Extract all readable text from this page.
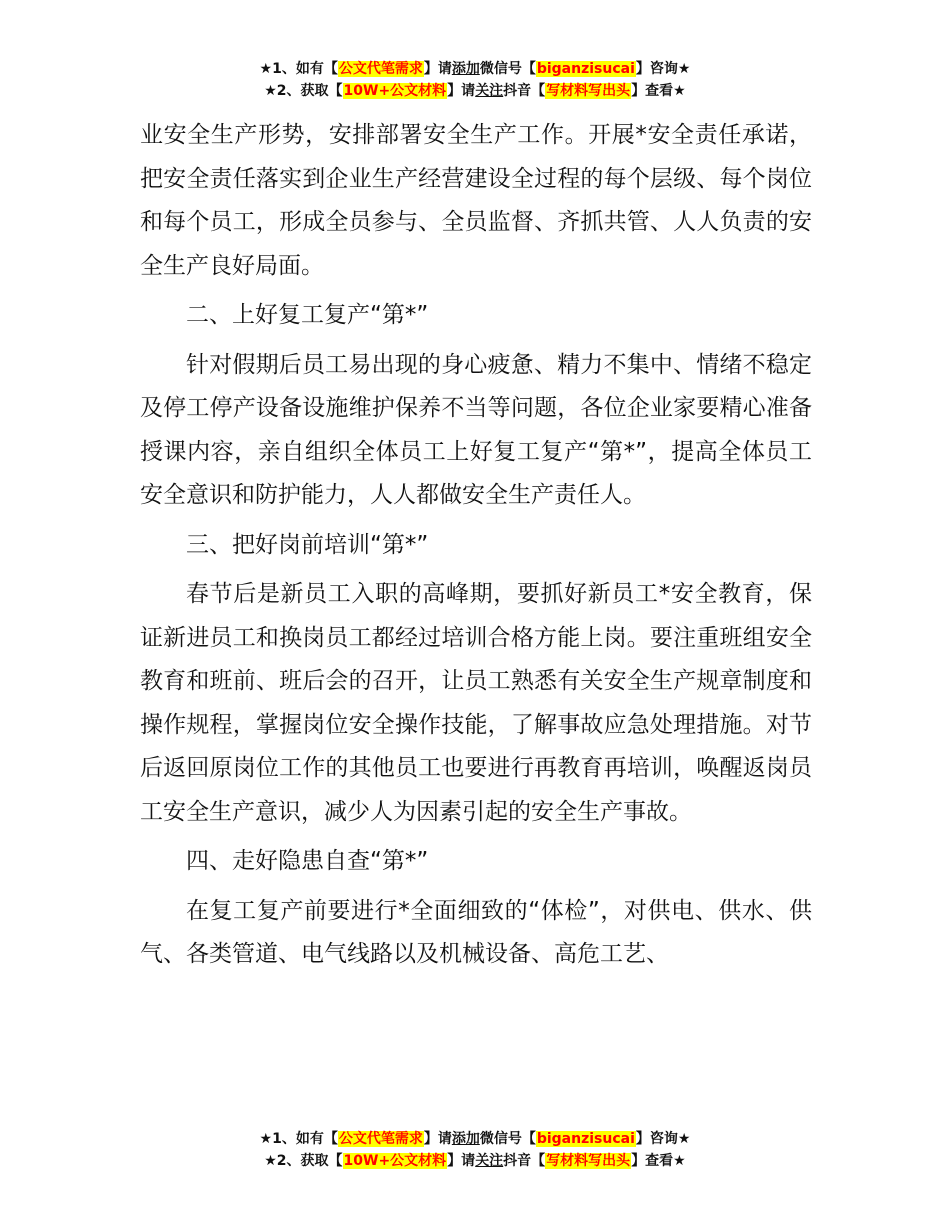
★1、如有【公文代笔需求】请添加微信号【biganzisucai】咨询★
★2、获取【10W+公文材料】请关注抖音【写材料写出头】查看★

业安全生产形势，安排部署安全生产工作。开展*安全责任承诺，把安全责任落实到企业生产经营建设全过程的每个层级、每个岗位和每个员工，形成全员参与、全员监督、齐抓共管、人人负责的安全生产良好局面。

二、上好复工复产“第*”

针对假期后员工易出现的身心疲惫、精力不集中、情绪不稳定及停工停产设备设施维护保养不当等问题，各位企业家要精心准备授课内容，亲自组织全体员工上好复工复产“第*”，提高全体员工安全意识和防护能力，人人都做安全生产责任人。

三、把好岗前培训“第*”

春节后是新员工入职的高峰期，要抓好新员工*安全教育，保证新进员工和换岗员工都经过培训合格方能上岗。要注重班组安全教育和班前、班后会的召开，让员工熟悉有关安全生产规章制度和操作规程，掌握岗位安全操作技能，了解事故应急处理措施。对节后返回原岗位工作的其他员工也要进行再教育再培训，唤醒返岗员工安全生产意识，减少人为因素引起的安全生产事故。

四、走好隐患自查“第*”

在复工复产前要进行*全面细致的“体检”，对供电、供水、供气、各类管道、电气线路以及机械设备、高危工艺、

★1、如有【公文代笔需求】请添加微信号【biganzisucai】咨询★
★2、获取【10W+公文材料】请关注抖音【写材料写出头】查看★
